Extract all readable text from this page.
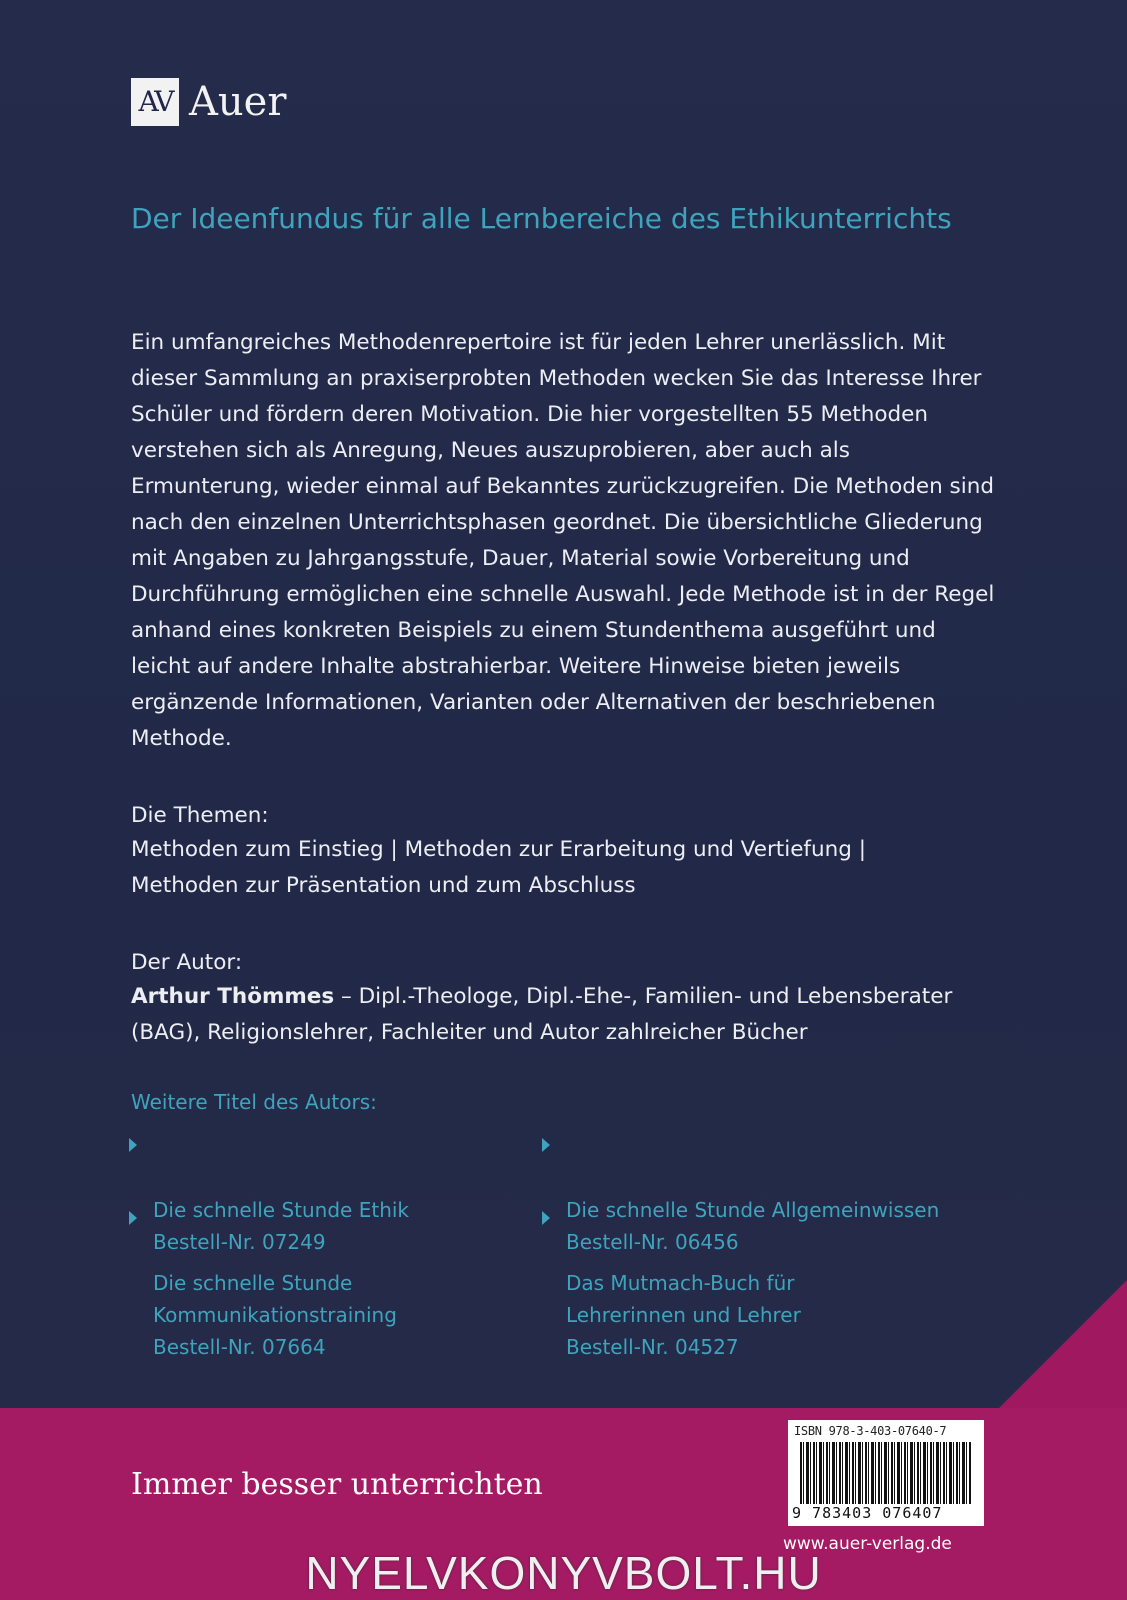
AV Auer
Der Ideenfundus für alle Lernbereiche des Ethikunterrichts

Ein umfangreiches Methodenrepertoire ist für jeden Lehrer unerlässlich. Mit dieser Sammlung an praxiserprobten Methoden wecken Sie das Interesse Ihrer Schüler und fördern deren Motivation. Die hier vorgestellten 55 Methoden verstehen sich als Anregung, Neues auszuprobieren, aber auch als Ermunterung, wieder einmal auf Bekanntes zurückzugreifen. Die Methoden sind nach den einzelnen Unterrichtsphasen geordnet. Die übersichtliche Gliederung mit Angaben zu Jahrgangsstufe, Dauer, Material sowie Vorbereitung und Durchführung ermöglichen eine schnelle Auswahl. Jede Methode ist in der Regel anhand eines konkreten Beispiels zu einem Stundenthema ausgeführt und leicht auf andere Inhalte abstrahierbar. Weitere Hinweise bieten jeweils ergänzende Informationen, Varianten oder Alternativen der beschriebenen Methode.

Die Themen:
Methoden zum Einstieg | Methoden zur Erarbeitung und Vertiefung |
Methoden zur Präsentation und zum Abschluss
Der Autor:

Arthur Thömmes – Dipl.-Theologe, Dipl.-Ehe-, Familien- und Lebensberater (BAG), Religionslehrer, Fachleiter und Autor zahlreicher Bücher

Weitere Titel des Autors:

Die schnelle Stunde Ethik
Bestell-Nr. 07249

Die schnelle Stunde Allgemeinwissen
Bestell-Nr. 06456

Die schnelle Stunde
Kommunikationstraining
Bestell-Nr. 07664

Das Mutmach-Buch für
Lehrerinnen und Lehrer
Bestell-Nr. 04527

Immer besser unterrichten
ISBN 978-3-403-07640-7
9 783403 076407
www.auer-verlag.de
NYELVKONYVBOLT.HU
